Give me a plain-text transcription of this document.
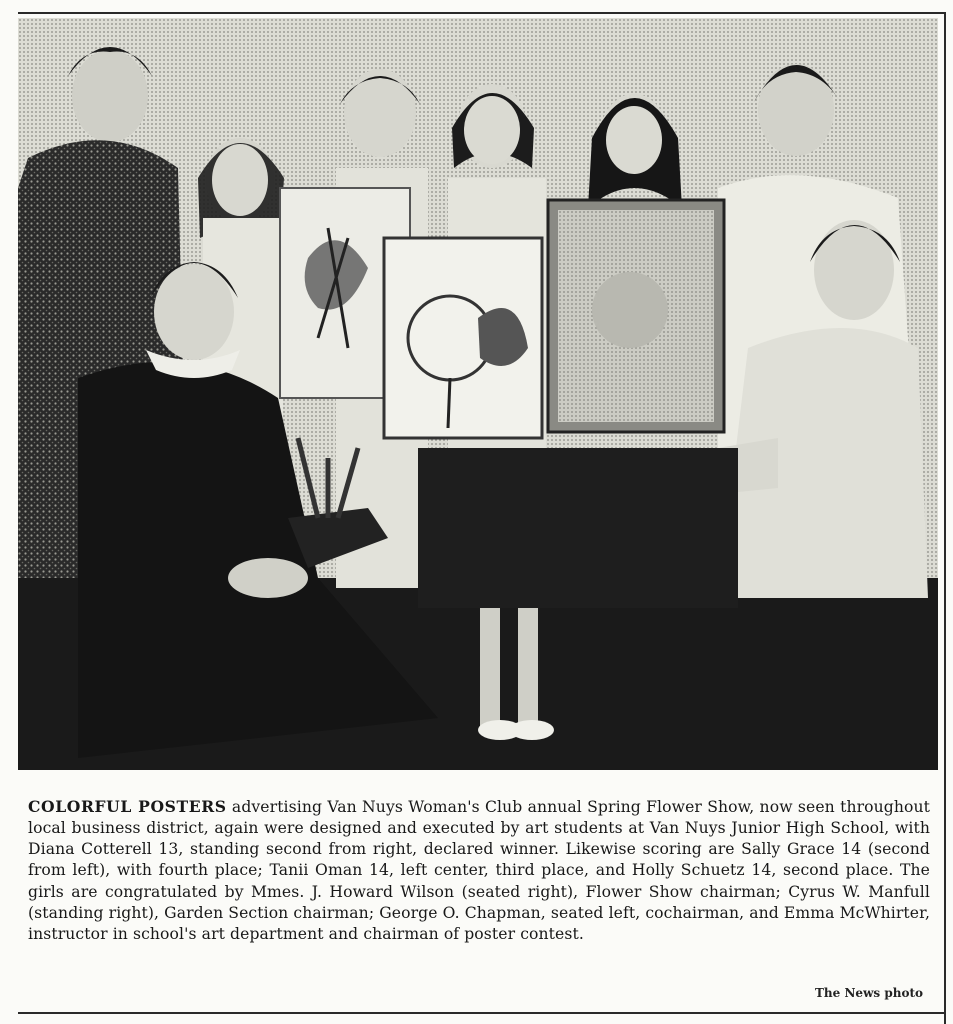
COLORFUL POSTERS advertising Van Nuys Woman's Club annual Spring Flower Show, now seen throughout local business district, again were designed and executed by art students at Van Nuys Junior High School, with Diana Cotterell 13, standing second from right, declared winner. Likewise scoring are Sally Grace 14 (second from left), with fourth place; Tanii Oman 14, left center, third place, and Holly Schuetz 14, second place. The girls are congratulated by Mmes. J. Howard Wilson (seated right), Flower Show chairman; Cyrus W. Manfull (standing right), Garden Section chairman; George O. Chapman, seated left, cochairman, and Emma McWhirter, instructor in school's art department and chairman of poster contest.

The News photo
